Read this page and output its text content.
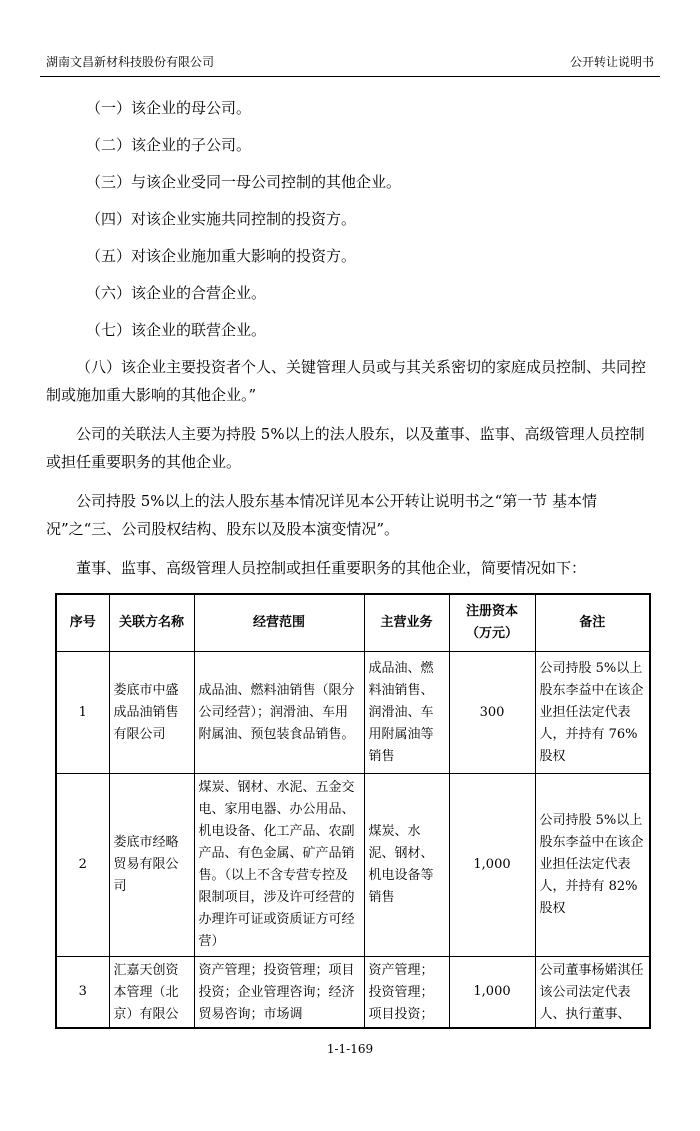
湖南文昌新材科技股份有限公司	公开转让说明书
（一）该企业的母公司。
（二）该企业的子公司。
（三）与该企业受同一母公司控制的其他企业。
（四）对该企业实施共同控制的投资方。
（五）对该企业施加重大影响的投资方。
（六）该企业的合营企业。
（七）该企业的联营企业。

（八）该企业主要投资者个人、关键管理人员或与其关系密切的家庭成员控制、共同控制或施加重大影响的其他企业。”

公司的关联法人主要为持股 5%以上的法人股东，以及董事、监事、高级管理人员控制或担任重要职务的其他企业。

公司持股 5%以上的法人股东基本情况详见本公开转让说明书之“第一节 基本情况”之“三、公司股权结构、股东以及股本演变情况”。

董事、监事、高级管理人员控制或担任重要职务的其他企业，简要情况如下：

序号	关联方名称	经营范围	主营业务	注册资本（万元）	备注
1	娄底市中盛成品油销售有限公司	成品油、燃料油销售（限分公司经营）；润滑油、车用附属油、预包装食品销售。	成品油、燃料油销售、润滑油、车用附属油等销售	300	公司持股 5%以上股东李益中在该企业担任法定代表人，并持有 76%股权
2	娄底市经略贸易有限公司	煤炭、钢材、水泥、五金交电、家用电器、办公用品、机电设备、化工产品、农副产品、有色金属、矿产品销售。（以上不含专营专控及限制项目，涉及许可经营的办理许可证或资质证方可经营）	煤炭、水泥、钢材、机电设备等销售	1,000	公司持股 5%以上股东李益中在该企业担任法定代表人，并持有 82%股权
3	汇嘉天创资本管理（北京）有限公	资产管理；投资管理；项目投资；企业管理咨询；经济贸易咨询；市场调	资产管理；投资管理；项目投资；	1,000	公司董事杨婼淇任该公司法定代表人、执行董事、
1-1-169
